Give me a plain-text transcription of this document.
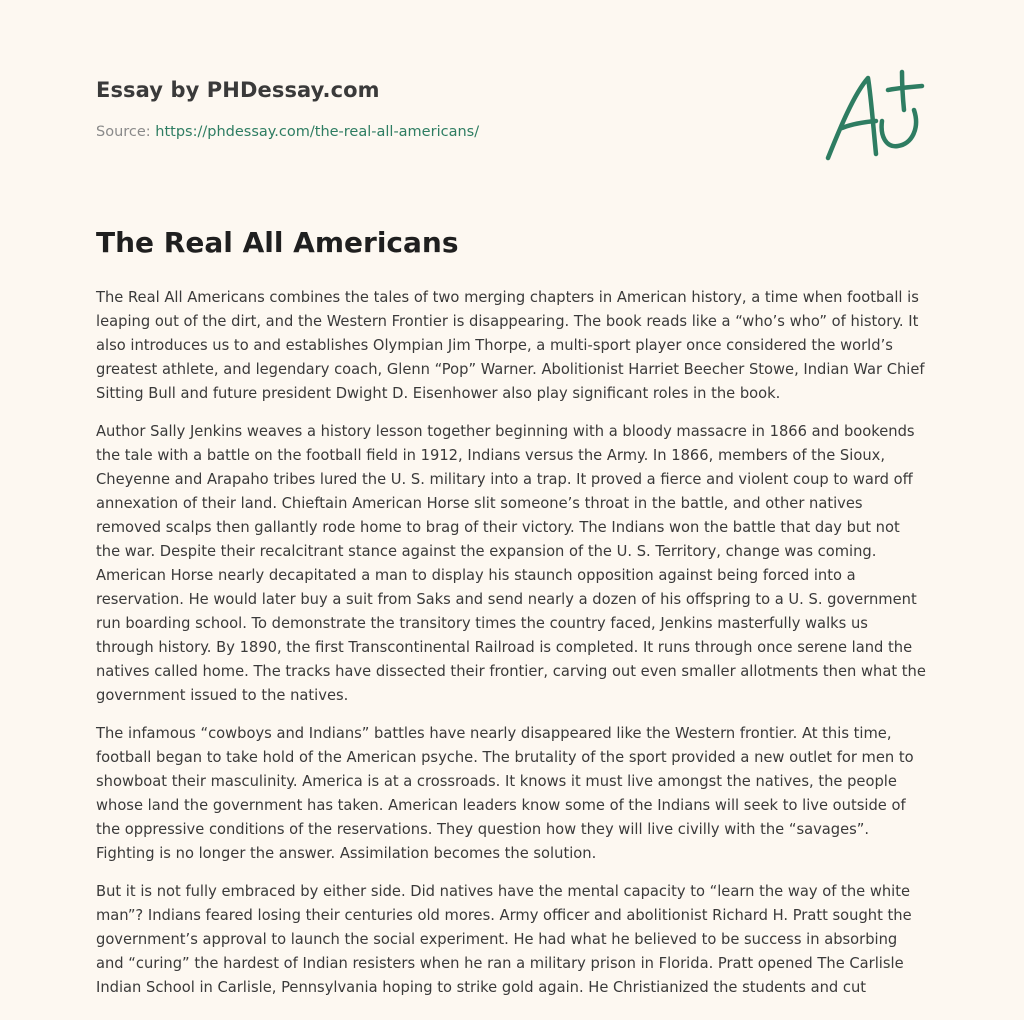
Essay by PHDessay.com

Source: https://phdessay.com/the-real-all-americans/

The Real All Americans

The Real All Americans combines the tales of two merging chapters in American history, a time when football is leaping out of the dirt, and the Western Frontier is disappearing. The book reads like a “who’s who” of history. It also introduces us to and establishes Olympian Jim Thorpe, a multi-sport player once considered the world’s greatest athlete, and legendary coach, Glenn “Pop” Warner. Abolitionist Harriet Beecher Stowe, Indian War Chief Sitting Bull and future president Dwight D. Eisenhower also play significant roles in the book.

Author Sally Jenkins weaves a history lesson together beginning with a bloody massacre in 1866 and bookends the tale with a battle on the football field in 1912, Indians versus the Army. In 1866, members of the Sioux, Cheyenne and Arapaho tribes lured the U. S. military into a trap. It proved a fierce and violent coup to ward off annexation of their land. Chieftain American Horse slit someone’s throat in the battle, and other natives removed scalps then gallantly rode home to brag of their victory. The Indians won the battle that day but not the war. Despite their recalcitrant stance against the expansion of the U. S. Territory, change was coming. American Horse nearly decapitated a man to display his staunch opposition against being forced into a reservation. He would later buy a suit from Saks and send nearly a dozen of his offspring to a U. S. government run boarding school. To demonstrate the transitory times the country faced, Jenkins masterfully walks us through history. By 1890, the first Transcontinental Railroad is completed. It runs through once serene land the natives called home. The tracks have dissected their frontier, carving out even smaller allotments then what the government issued to the natives.

The infamous “cowboys and Indians” battles have nearly disappeared like the Western frontier. At this time, football began to take hold of the American psyche. The brutality of the sport provided a new outlet for men to showboat their masculinity. America is at a crossroads. It knows it must live amongst the natives, the people whose land the government has taken. American leaders know some of the Indians will seek to live outside of the oppressive conditions of the reservations. They question how they will live civilly with the “savages”. Fighting is no longer the answer. Assimilation becomes the solution.

But it is not fully embraced by either side. Did natives have the mental capacity to “learn the way of the white man”? Indians feared losing their centuries old mores. Army officer and abolitionist Richard H. Pratt sought the government’s approval to launch the social experiment. He had what he believed to be success in absorbing and “curing” the hardest of Indian resisters when he ran a military prison in Florida. Pratt opened The Carlisle Indian School in Carlisle, Pennsylvania hoping to strike gold again. He Christianized the students and cut
